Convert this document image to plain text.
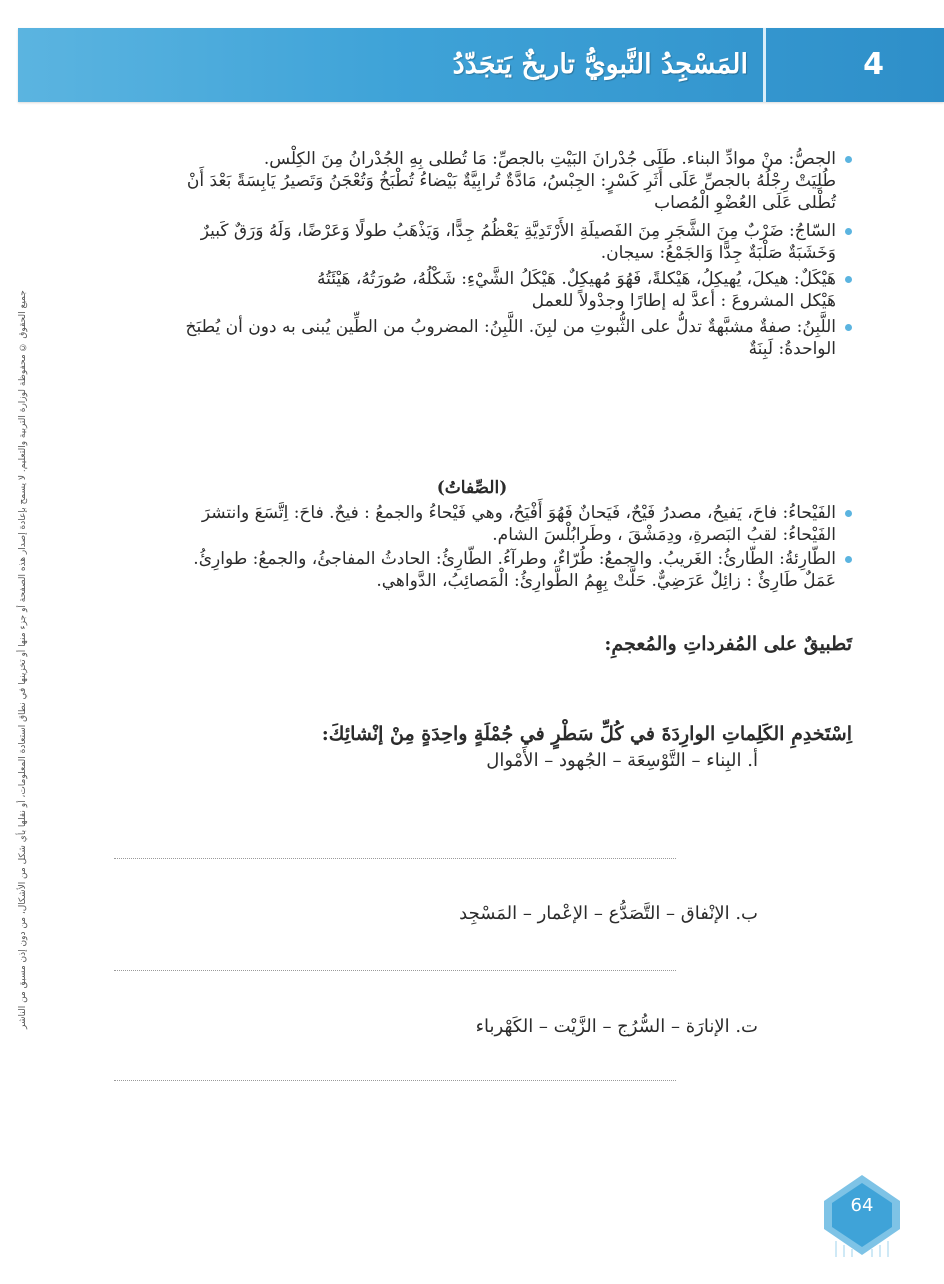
المَسْجِدُ النَّبويُّ تاريخٌ يَتجَدّدُ	4
جميع الحقوق © محفوظة لوزارة التربية والتعليم. لا يسمح بإعادة إصدار هذه الصفحة أو جزء منها أو تخزينها في نطاق استعادة المعلومات، أو نقلها بأي شكل من الأشكال، من دون إذن مسبق من الناشر
الجصُّ: منْ موادِّ البناء. طَلَى جُدْرانَ البَيْتِ بالجصِّ: مَا تُطلى بِهِ الجُدْرانُ مِنَ الكِلْس.
طُلِيَتْ رِجْلُهُ بالجصِّ عَلَى أَثَرِ كَسْرٍ: الجِبْسُ، مَادَّةٌ تُرابِيَّةٌ بَيْضاءُ تُطْبَخُ وَتُعْجَنُ وَتَصيرُ يَابِسَةً بَعْدَ أَنْ
تُطْلى عَلَى العُضْوِ الْمُصاب
السّاجُ: ضَرْبٌ مِنَ الشَّجَرِ مِنَ الفَصيلَةِ الأَرْتَدِيَّةِ يَعْظُمُ جِدًّا، وَيَذْهَبُ طولًا وَعَرْضًا، وَلَهُ وَرَقٌ كَبيرٌ
وَخَشَبَةٌ صَلْبَةٌ جِدًّا وَالجَمْعُ: سيجان.
هَيْكَلٌ: هيكلَ، يُهيكِلُ، هَيْكلةً، فَهُوَ مُهيكِلٌ. هَيْكَلُ الشَّيْءِ: شَكْلُهُ، صُورَتُهُ، هَيْئَتُهُ
هَيْكل المشروعَ : أعدَّ له إطارًا وجدْولاً للعمل
اللَّبِنُ: صفةٌ مشبَّهةٌ تدلُّ على الثُّبوتِ من لبِنَ. اللَّبِنُ: المضروبُ من الطِّين يُبنى به دون أن يُطبَخ
الواحدةُ: لَبِنَةٌ
(الصِّفاتُ)
الفَيْحاءُ: فاحَ، يَفيحُ، مصدرُ فَيْحٌ، فَيَحانٌ فَهُوَ أَفْيَحُ، وهي فَيْحاءُ والجمعُ : فيحٌ. فاحَ: اِتَّسَعَ وانتشرَ
الفَيْحاءُ: لقبُ البَصرةِ، ودِمَشْقَ ، وطَرابُلْسَ الشام.
الطّارِئةُ: الطّارئُ: الغَريبُ. والجمعُ: طُرّاءٌ، وطرآءُ. الطّارِئُ: الحادثُ المفاجئُ، والجمعُ: طوارِئُ.
عَمَلٌ طَارِئٌ : زائِلٌ عَرَضِيٌّ. حَلَّتْ بِهِمُ الطَّوارِئُ: الْمَصائِبُ، الدَّواهي.
تَطبيقٌ على المُفرداتِ والمُعجمِ:
اِسْتَخدِمِ الكَلِماتِ الوارِدَةَ في كُلِّ سَطْرٍ في جُمْلَةٍ واحِدَةٍ مِنْ إنْشائِكَ:
أ. البِناء – التَّوْسِعَة – الجُهود – الأَمْوال
ب. الإنْفاق – التَّصَدُّع – الإعْمار – المَسْجِد
ت. الإنارَة – السُّرُج – الزَّيْت – الكَهْرباء
64
